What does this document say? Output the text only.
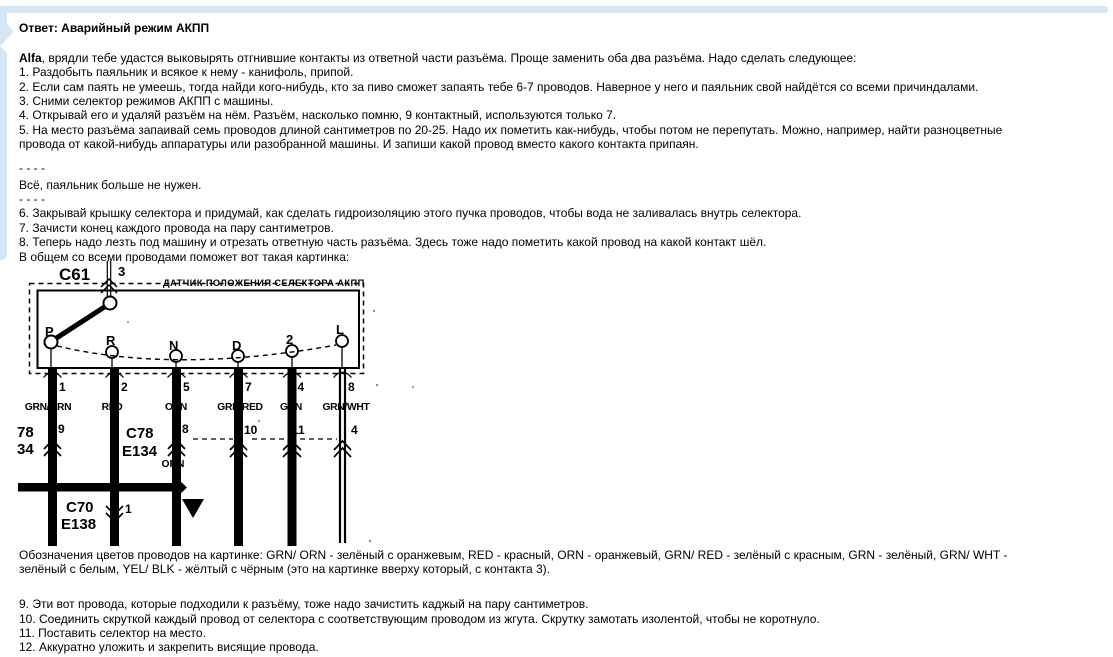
Ответ: Аварийный режим АКПП
Alfa, врядли тебе удастся выковырять отгнившие контакты из ответной части разъёма. Проще заменить оба два разъёма. Надо сделать следующее:
1. Раздобыть паяльник и всякое к нему - канифоль, припой.
2. Если сам паять не умеешь, тогда найди кого-нибудь, кто за пиво сможет запаять тебе 6-7 проводов. Наверное у него и паяльник свой найдётся со всеми причиндалами.
3. Сними селектор режимов АКПП с машины.
4. Открывай его и удаляй разъём на нём. Разъём, насколько помню, 9 контактный, используются только 7.
5. На место разъёма запаивай семь проводов длиной сантиметров по 20-25. Надо их пометить как-нибудь, чтобы потом не перепутать. Можно, например, найти разноцветные
провода от какой-нибудь аппаратуры или разобранной машины. И запиши какой провод вместо какого контакта припаян.
- - - -
Всё, паяльник больше не нужен.
- - - -
6. Закрывай крышку селектора и придумай, как сделать гидроизоляцию этого пучка проводов, чтобы вода не заливалась внутрь селектора.
7. Зачисти конец каждого провода на пару сантиметров.
8. Теперь надо лезть под машину и отрезать ответную часть разъёма. Здесь тоже надо пометить какой провод на какой контакт шёл.
В общем со всеми проводами поможет вот такая картинка:
ДАТЧИК ПОЛОЖЕНИЯ СЕЛЕКТОРА АКПП
C61 3
P
R	N	D	2
L
1	2	5	7	4	8
GRN/ORN	RED	ORN	GRN/RED GRN GRN/WHT
78
34
9	C78
E134
8	10	11	4
ORN
0
C70
E138
1
Обозначения цветов проводов на картинке: GRN/ ORN - зелёный с оранжевым, RED - красный, ORN - оранжевый, GRN/ RED - зелёный с красным, GRN - зелёный, GRN/ WHT -
зелёный с белым, YEL/ BLK - жёлтый с чёрным (это на картинке вверху который, с контакта 3).
9. Эти вот провода, которые подходили к разъёму, тоже надо зачистить каджый на пару сантиметров.
10. Соединить скруткой каждый провод от селектора с соответствующим проводом из жгута. Скрутку замотать изолентой, чтобы не коротнуло.
11. Поставить селектор на место.
12. Аккуратно уложить и закрепить висящие провода.
